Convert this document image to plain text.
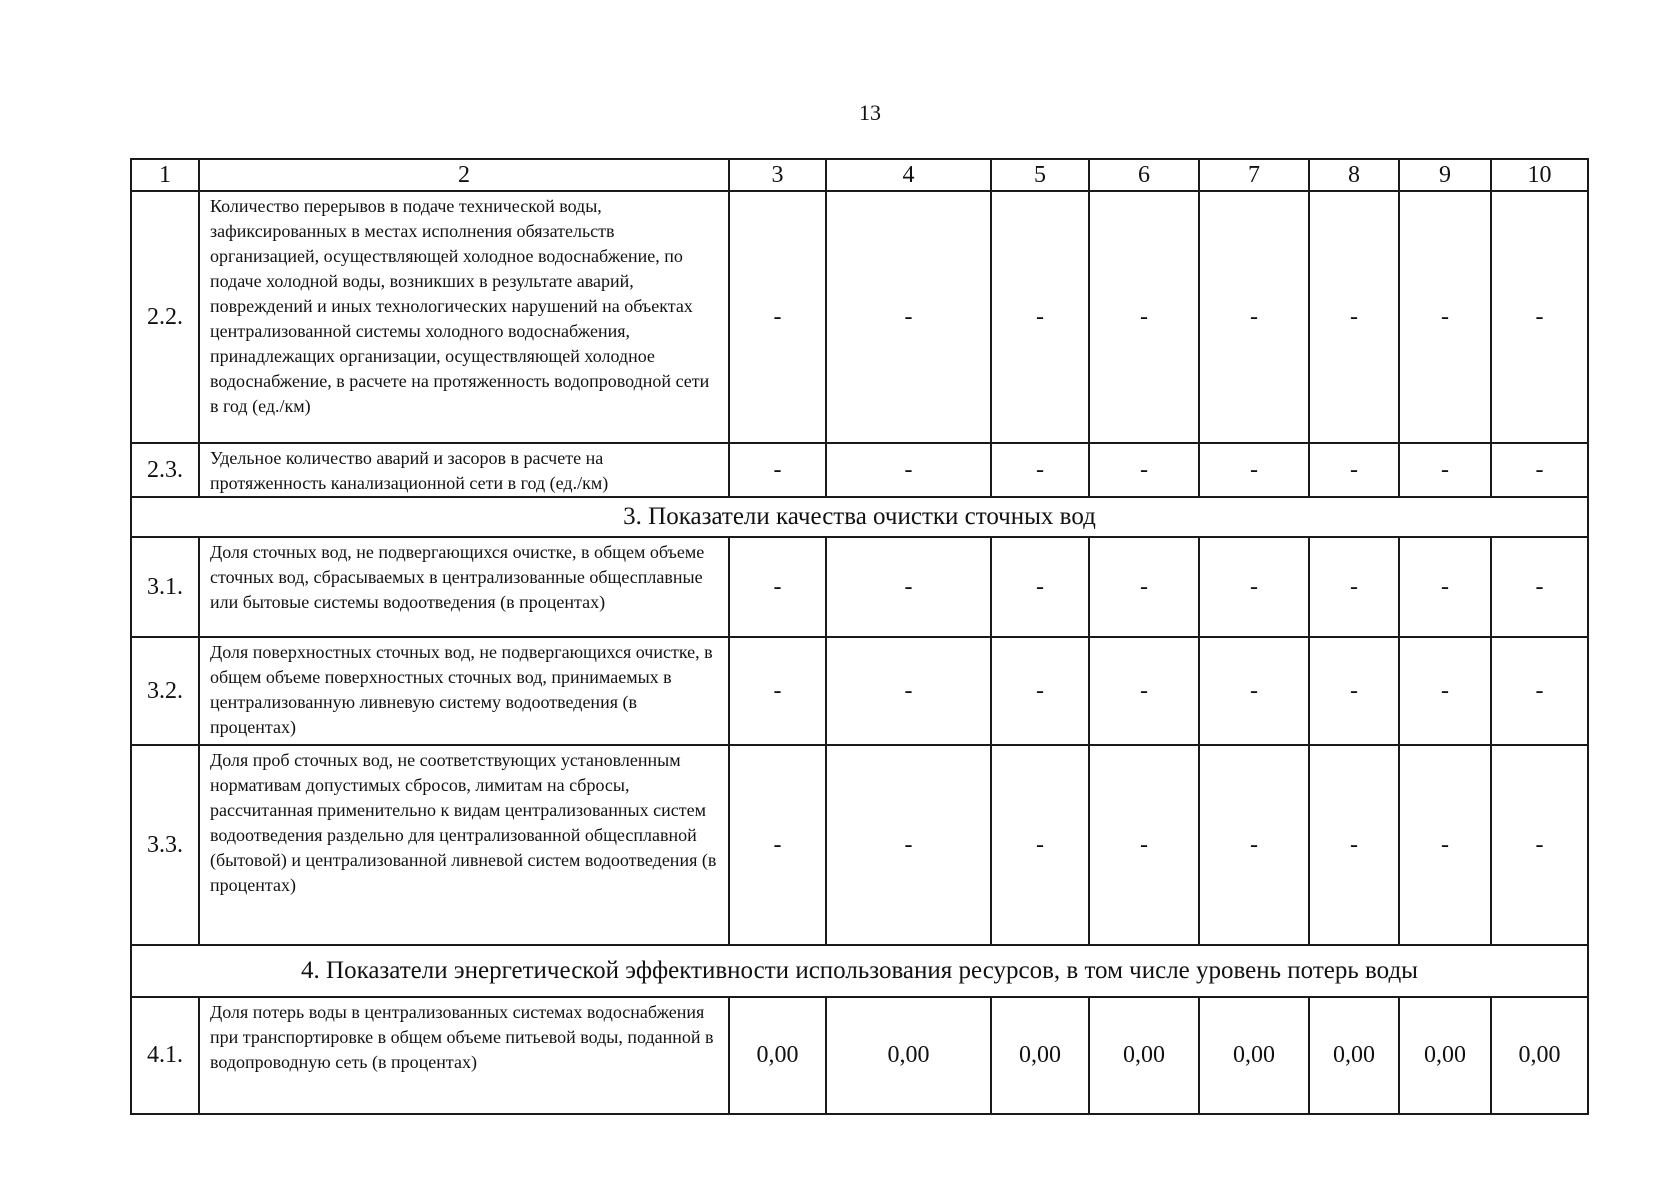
13
1	2	3	4	5	6	7	8	9	10
2.2.	Количество перерывов в подаче технической воды, зафиксированных в местах исполнения обязательств организацией, осуществляющей холодное водоснабжение, по подаче холодной воды, возникших в результате аварий, повреждений и иных технологических нарушений на объектах централизованной системы холодного водоснабжения, принадлежащих организации, осуществляющей холодное водоснабжение, в расчете на протяженность водопроводной сети в год (ед./км)	-	-	-	-	-	-	-	-
2.3.	Удельное количество аварий и засоров в расчете на протяженность канализационной сети в год (ед./км)	-	-	-	-	-	-	-	-
3. Показатели качества очистки сточных вод									
3.1.	Доля сточных вод, не подвергающихся очистке, в общем объеме сточных вод, сбрасываемых в централизованные общесплавные или бытовые системы водоотведения (в процентах)	-	-	-	-	-	-	-	-
3.2.	Доля поверхностных сточных вод, не подвергающихся очистке, в общем объеме поверхностных сточных вод, принимаемых в централизованную ливневую систему водоотведения (в процентах)	-	-	-	-	-	-	-	-
3.3.	Доля проб сточных вод, не соответствующих установленным нормативам допустимых сбросов, лимитам на сбросы, рассчитанная применительно к видам централизованных систем водоотведения раздельно для централизованной общесплавной (бытовой) и централизованной ливневой систем водоотведения (в процентах)	-	-	-	-	-	-	-	-
4. Показатели энергетической эффективности использования ресурсов, в том числе уровень потерь воды									
4.1.	Доля потерь воды в централизованных системах водоснабжения при транспортировке в общем объеме питьевой воды, поданной в водопроводную сеть (в процентах)	0,00	0,00	0,00	0,00	0,00	0,00	0,00	0,00
